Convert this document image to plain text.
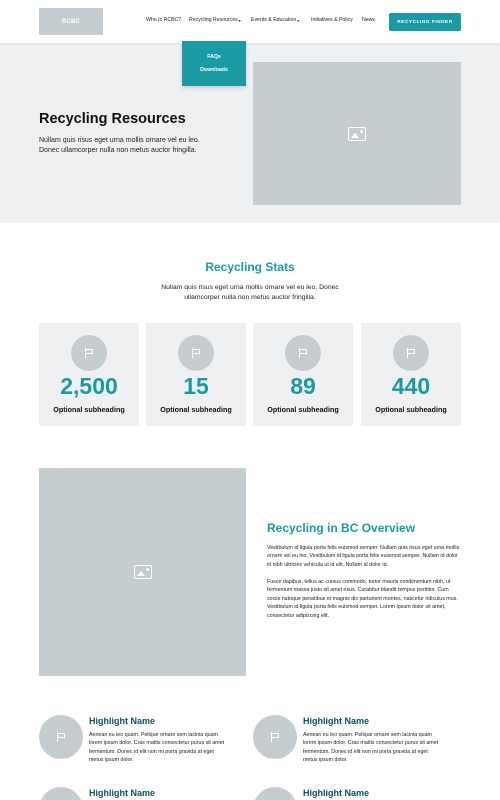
RCBC	Who Is RCBC? Recycling Resources ▾ Events & Education ▾ Initiatives & Policy News	RECYCLING FINDER
FAQs
Downloads
Recycling Resources
Nullam quis risus eget urna mollis ornare vel eu leo. Donec ullamcorper nulla non metus auctor fringilla.
Recycling Stats
Nullam quis risus eget urna mollis ornare vel eu leo. Donec ullamcorper nulla non metus auctor fringilla.
Optional subheading
2,500
Optional subheading
15
Optional subheading
89
Optional subheading
440
Recycling in BC Overview
Vestibulum id ligula porta felis euismod semper. Nullam quis risus eget urna mollis ornare vel eu leo. Vestibulum id ligula porta felis euismod semper. Nullam id dolor id nibh ultricies vehicula ut id elit. Nullam id dolor id.
Fusce dapibus, tellus ac cursus commodo, tortor mauris condimentum nibh, ut fermentum massa justo sit amet risus. Curabitur blandit tempus porttitor. Cum sociis natoque penatibus et magnis dis parturient montes, nascetur ridiculus mus. Vestibulum id ligula porta felis euismod semper. Lorem ipsum dolor sit amet, consectetur adipiscing elit.
Highlight Name
Aenean eu leo quam. Pellque ornare sem lacinia quam lorem ipsum dolor. Cras mattis consectetur purus sit amet fermentum. Donec id elit non mi porta gravida at eget metus ipsum dolor.
Highlight Name
Aenean eu leo quam. Pellque ornare sem lacinia quam lorem ipsum dolor. Cras mattis consectetur purus sit amet fermentum. Donec id elit non mi porta gravida at eget metus ipsum dolor.
Highlight Name	Highlight Name
